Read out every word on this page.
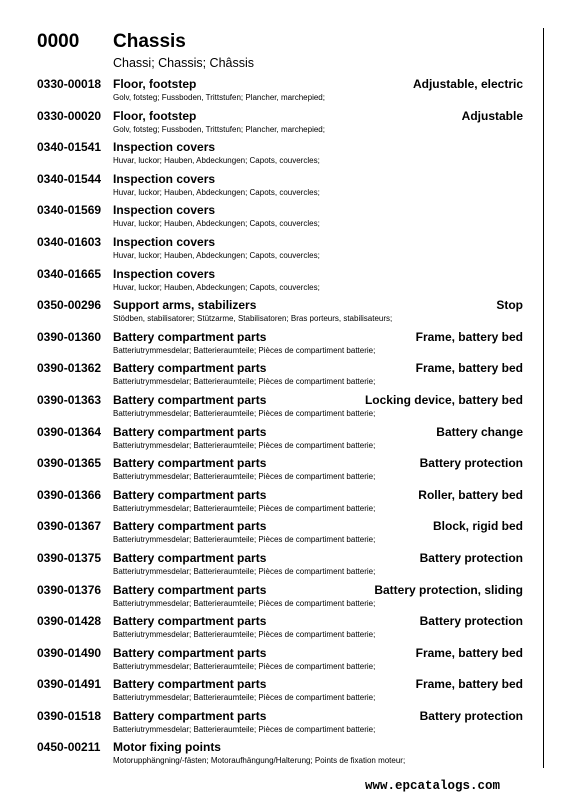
0000 Chassis
Chassi; Chassis; Châssis
0330-00018 Floor, footstep	Adjustable, electric
Golv, fotsteg; Fussboden, Trittstufen; Plancher, marchepied;
0330-00020 Floor, footstep	Adjustable
Golv, fotsteg; Fussboden, Trittstufen; Plancher, marchepied;
0340-01541 Inspection covers
Huvar, luckor; Hauben, Abdeckungen; Capots, couvercles;
0340-01544 Inspection covers
Huvar, luckor; Hauben, Abdeckungen; Capots, couvercles;
0340-01569 Inspection covers
Huvar, luckor; Hauben, Abdeckungen; Capots, couvercles;
0340-01603 Inspection covers
Huvar, luckor; Hauben, Abdeckungen; Capots, couvercles;
0340-01665 Inspection covers
Huvar, luckor; Hauben, Abdeckungen; Capots, couvercles;
0350-00296 Support arms, stabilizers	Stop
Stödben, stabilisatorer; Stützarme, Stabilisatoren; Bras porteurs, stabilisateurs;
0390-01360 Battery compartment parts	Frame, battery bed
Batteriutrymmesdelar; Batterieraumteile; Pièces de compartiment batterie;
0390-01362 Battery compartment parts	Frame, battery bed
Batteriutrymmesdelar; Batterieraumteile; Pièces de compartiment batterie;
0390-01363 Battery compartment parts	Locking device, battery bed
Batteriutrymmesdelar; Batterieraumteile; Pièces de compartiment batterie;
0390-01364 Battery compartment parts	Battery change
Batteriutrymmesdelar; Batterieraumteile; Pièces de compartiment batterie;
0390-01365 Battery compartment parts	Battery protection
Batteriutrymmesdelar; Batterieraumteile; Pièces de compartiment batterie;
0390-01366 Battery compartment parts	Roller, battery bed
Batteriutrymmesdelar; Batterieraumteile; Pièces de compartiment batterie;
0390-01367 Battery compartment parts	Block, rigid bed
Batteriutrymmesdelar; Batterieraumteile; Pièces de compartiment batterie;
0390-01375 Battery compartment parts	Battery protection
Batteriutrymmesdelar; Batterieraumteile; Pièces de compartiment batterie;
0390-01376 Battery compartment parts	Battery protection, sliding
Batteriutrymmesdelar; Batterieraumteile; Pièces de compartiment batterie;
0390-01428 Battery compartment parts	Battery protection
Batteriutrymmesdelar; Batterieraumteile; Pièces de compartiment batterie;
0390-01490 Battery compartment parts	Frame, battery bed
Batteriutrymmesdelar; Batterieraumteile; Pièces de compartiment batterie;
0390-01491 Battery compartment parts	Frame, battery bed
Batteriutrymmesdelar; Batterieraumteile; Pièces de compartiment batterie;
0390-01518 Battery compartment parts	Battery protection
Batteriutrymmesdelar; Batterieraumteile; Pièces de compartiment batterie;
0450-00211 Motor fixing points
Motorupphängning/-fästen; Motoraufhängung/Halterung; Points de fixation moteur;
www.epcatalogs.com
